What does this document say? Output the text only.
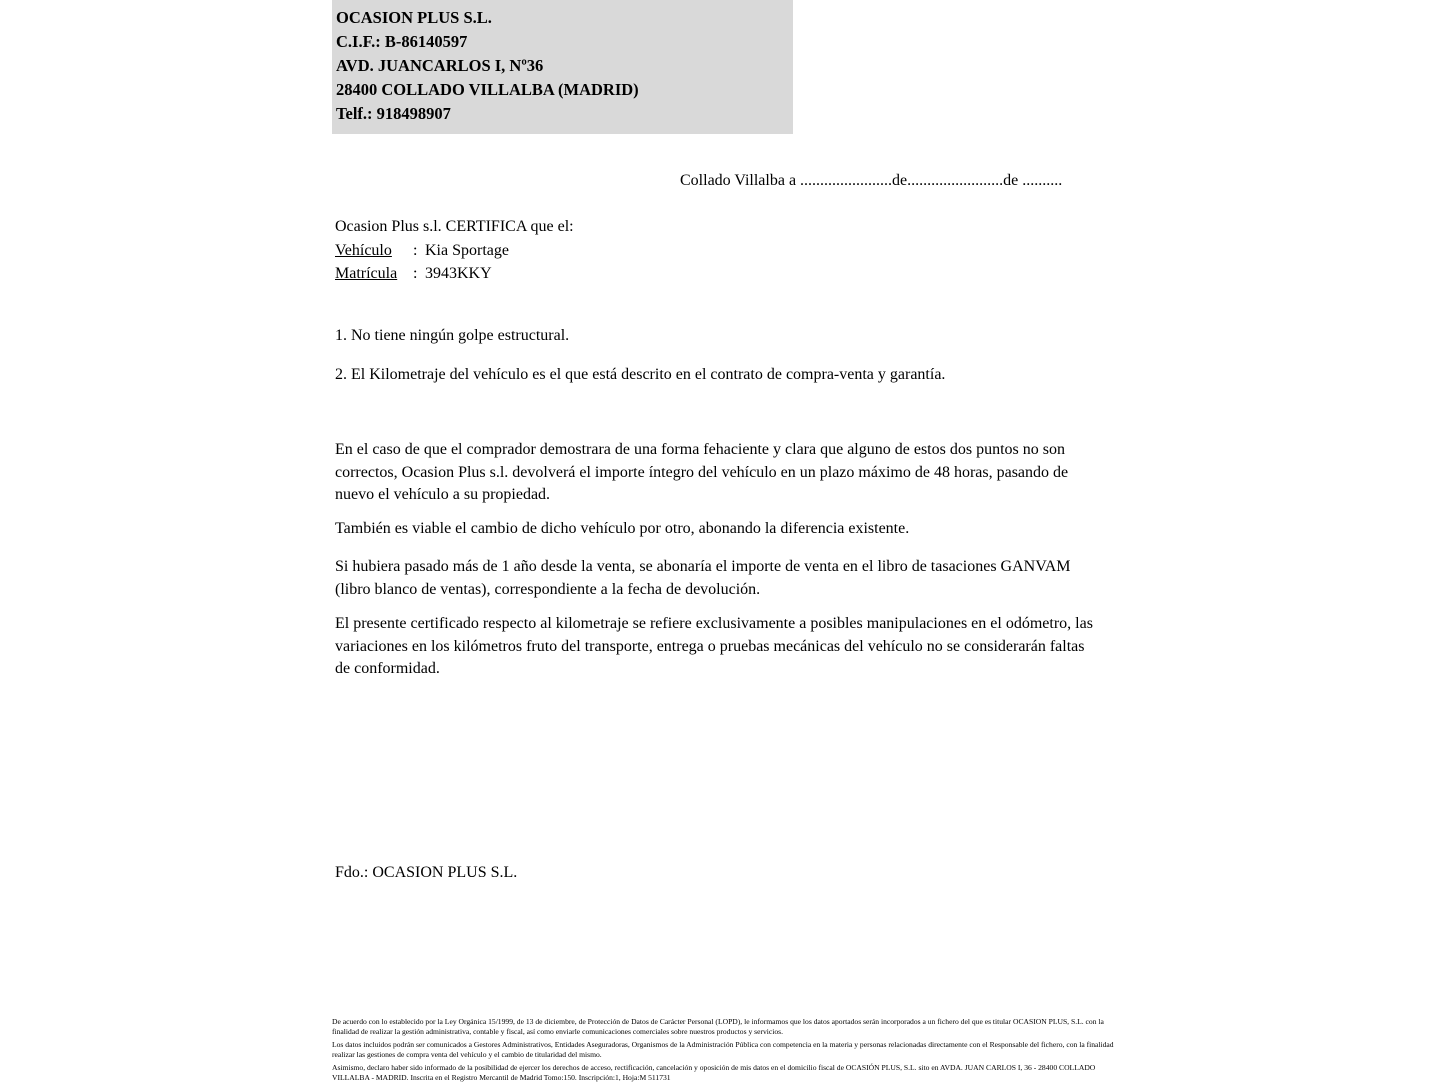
OCASION PLUS S.L.
C.I.F.: B-86140597
AVD. JUANCARLOS I, Nº36
28400 COLLADO VILLALBA (MADRID)
Telf.: 918498907
Collado Villalba a .......................de........................de ..........
Ocasion Plus s.l. CERTIFICA que el:
Vehículo : Kia Sportage
Matrícula : 3943KKY
1. No tiene ningún golpe estructural.
2. El Kilometraje del vehículo es el que está descrito en el contrato de compra-venta y garantía.
En el caso de que el comprador demostrara de una forma fehaciente y clara que alguno de estos dos puntos no son correctos, Ocasion Plus s.l. devolverá el importe íntegro del vehículo en un plazo máximo de 48 horas, pasando de nuevo el vehículo a su propiedad.
También es viable el cambio de dicho vehículo por otro, abonando la diferencia existente.
Si hubiera pasado más de 1 año desde la venta, se abonaría el importe de venta en el libro de tasaciones GANVAM (libro blanco de ventas), correspondiente a la fecha de devolución.
El presente certificado respecto al kilometraje se refiere exclusivamente a posibles manipulaciones en el odómetro, las variaciones en los kilómetros fruto del transporte, entrega o pruebas mecánicas del vehículo no se considerarán faltas de conformidad.
Fdo.: OCASION PLUS S.L.

De acuerdo con lo establecido por la Ley Orgánica 15/1999, de 13 de diciembre, de Protección de Datos de Carácter Personal (LOPD), le informamos que los datos aportados serán incorporados a un fichero del que es titular OCASION PLUS, S.L. con la finalidad de realizar la gestión administrativa, contable y fiscal, así como enviarle comunicaciones comerciales sobre nuestros productos y servicios.

Los datos incluidos podrán ser comunicados a Gestores Administrativos, Entidades Aseguradoras, Organismos de la Administración Pública con competencia en la materia y personas relacionadas directamente con el Responsable del fichero, con la finalidad realizar las gestiones de compra venta del vehículo y el cambio de titularidad del mismo.

Asimismo, declaro haber sido informado de la posibilidad de ejercer los derechos de acceso, rectificación, cancelación y oposición de mis datos en el domicilio fiscal de OCASIÓN PLUS, S.L. sito en AVDA. JUAN CARLOS I, 36 - 28400 COLLADO VILLALBA - MADRID. Inscrita en el Registro Mercantil de Madrid Tomo:150. Inscripción:1, Hoja:M 511731
